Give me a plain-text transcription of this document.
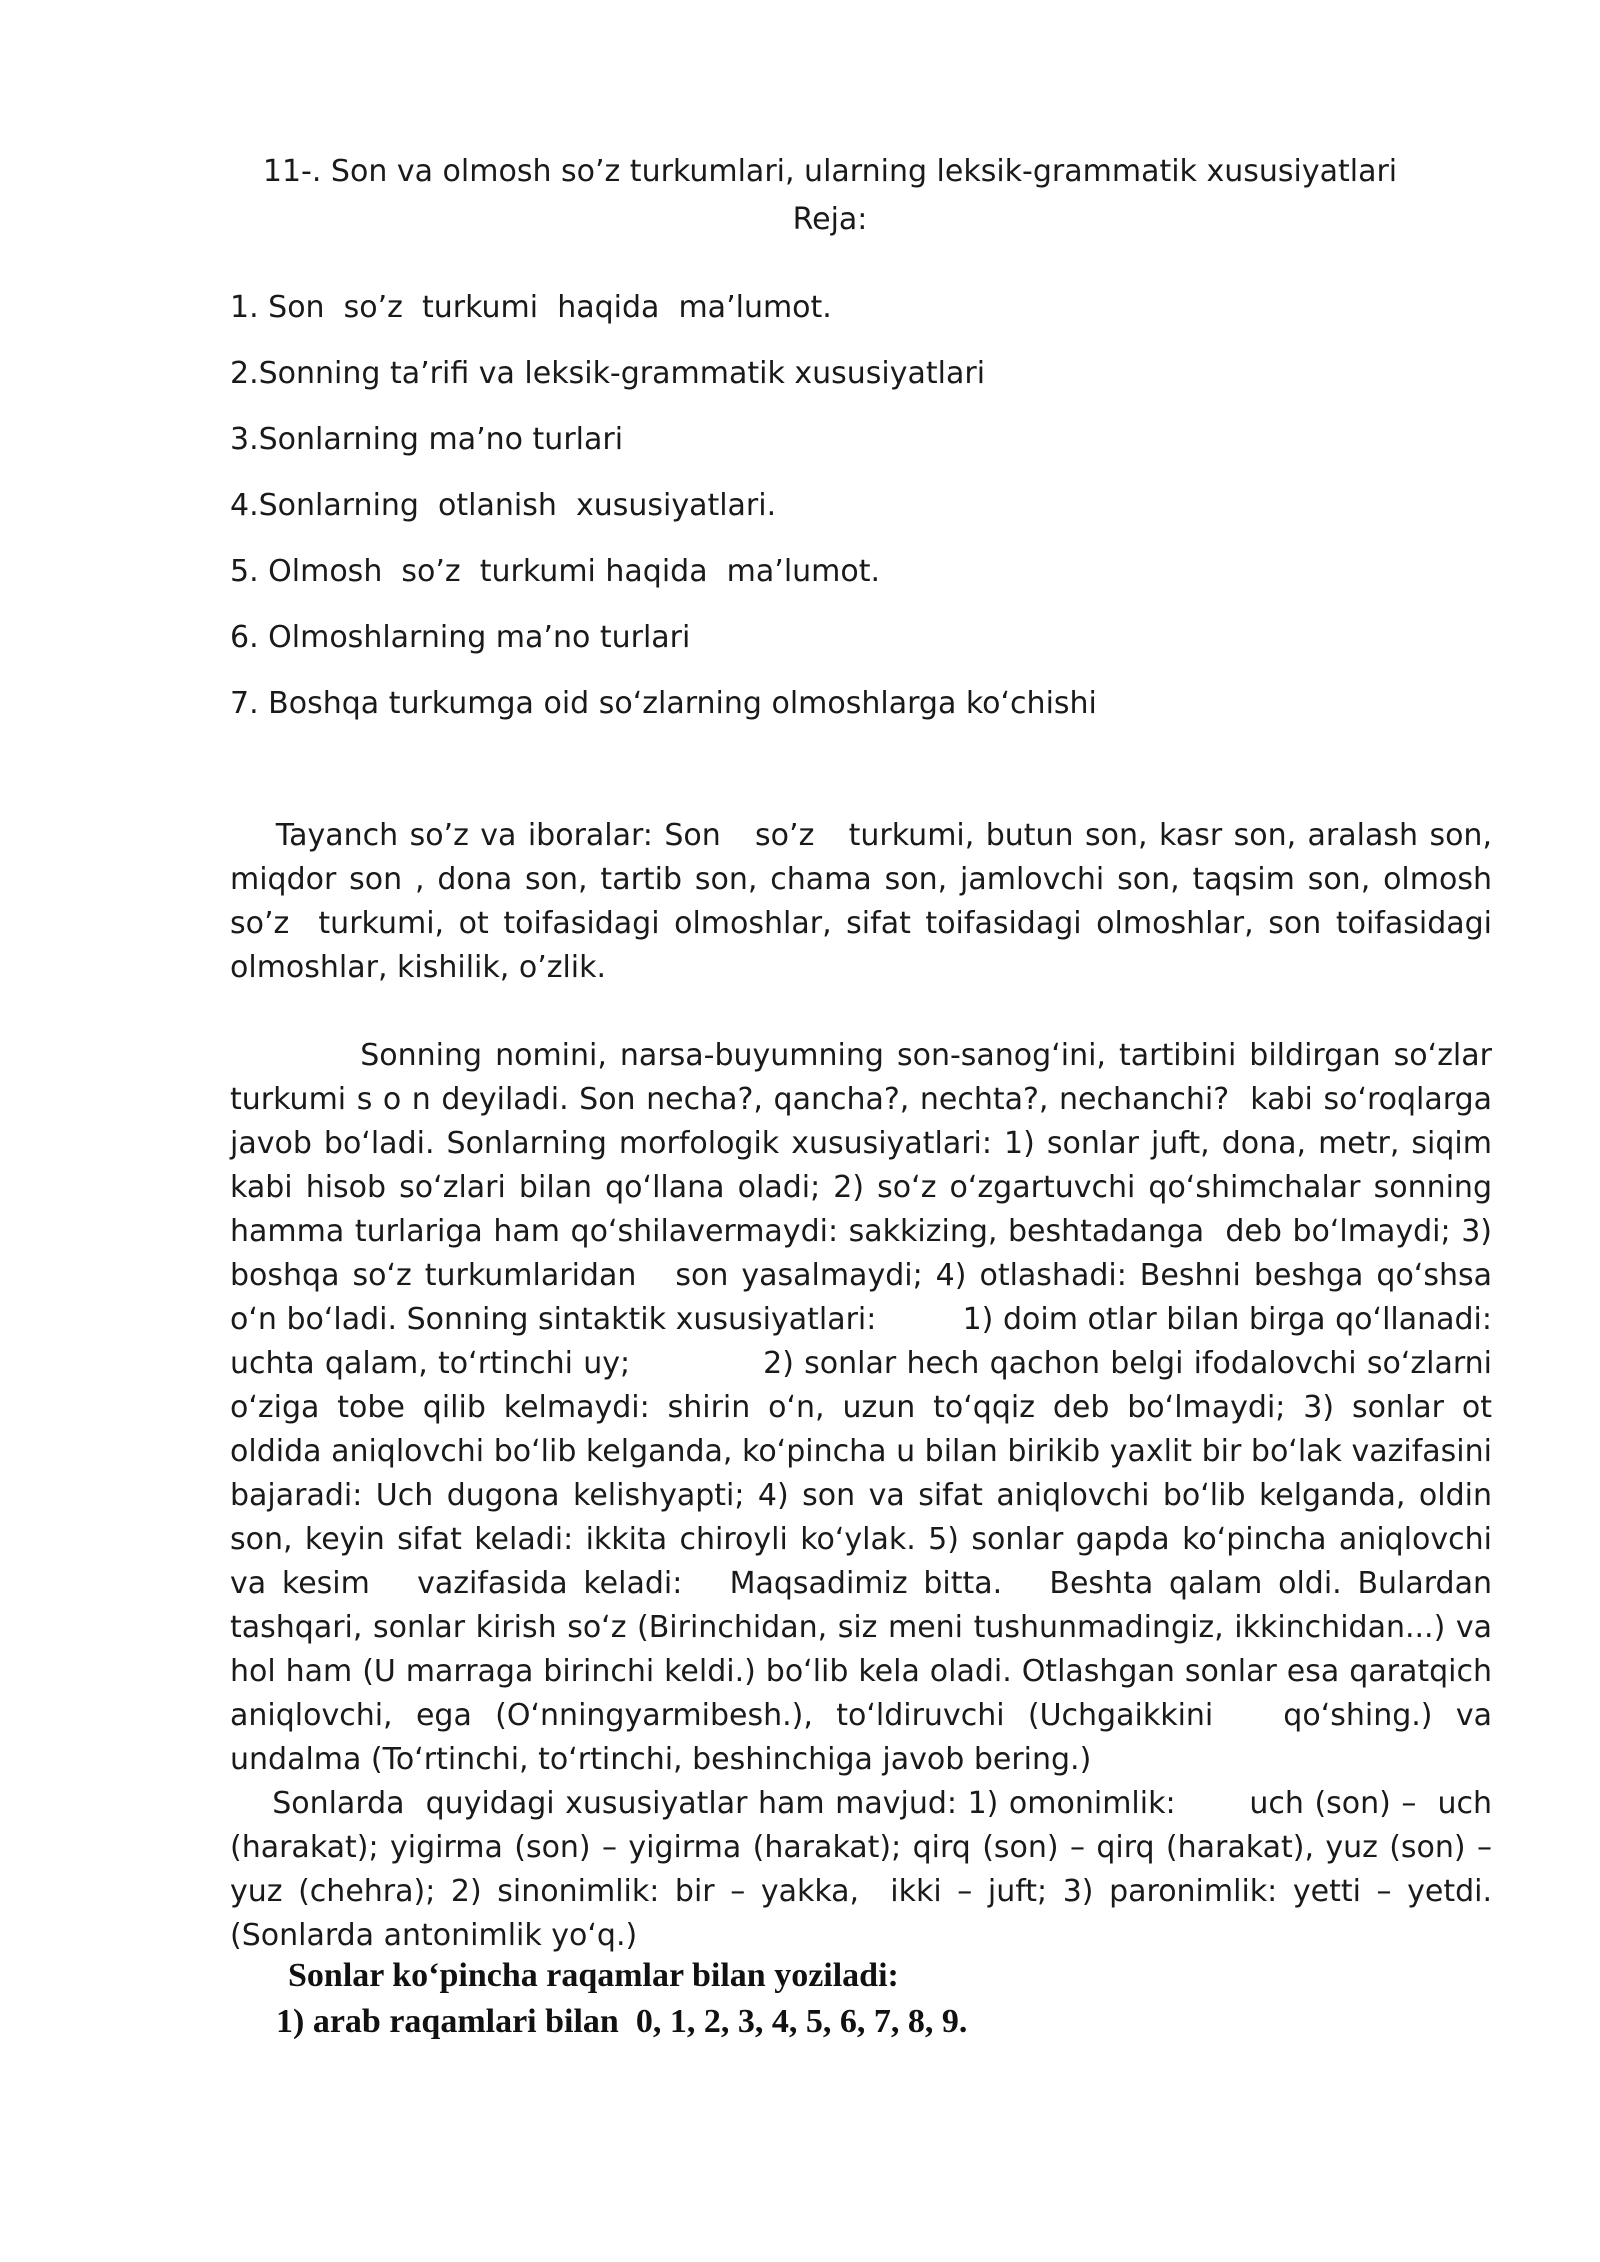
11-. Son va olmosh so’z turkumlari, ularning leksik-grammatik xususiyatlari
Reja:
1. Son  so’z  turkumi  haqida  ma’lumot.
2.Sonning ta’rifi va leksik-grammatik xususiyatlari
3.Sonlarning ma’no turlari
4.Sonlarning  otlanish  xususiyatlari.
5. Olmosh  so’z  turkumi haqida  ma’lumot.
6. Olmoshlarning ma’no turlari
7. Boshqa turkumga oid so‘zlarning olmoshlarga ko‘chishi
Tayanch so’z va iboralar: Son   so’z   turkumi, butun son, kasr son, aralash son, miqdor son , dona son, tartib son, chama son, jamlovchi son, taqsim son, olmosh so’z  turkumi, ot toifasidagi olmoshlar, sifat toifasidagi olmoshlar, son toifasidagi olmoshlar, kishilik, o’zlik.
Sonning nomini, narsa-buyumning son-sanog‘ini, tartibini bildirgan so‘zlar turkumi s o n deyiladi. Son necha?, qancha?, nechta?, nechanchi?  kabi so‘roqlarga javob bo‘ladi. Sonlarning morfologik xususiyatlari: 1) sonlar juft, dona, metr, siqim kabi hisob so‘zlari bilan qo‘llana oladi; 2) so‘z o‘zgartuvchi qo‘shimchalar sonning hamma turlariga ham qo‘shilavermaydi: sakkizing, beshtadanga  deb bo‘lmaydi; 3) boshqa so‘z turkumlaridan   son yasalmaydi; 4) otlashadi: Beshni beshga qo‘shsa o‘n bo‘ladi. Sonning sintaktik xususiyatlari:         1) doim otlar bilan birga qo‘llanadi: uchta qalam, to‘rtinchi uy;             2) sonlar hech qachon belgi ifodalovchi so‘zlarni o‘ziga tobe qilib kelmaydi: shirin o‘n, uzun to‘qqiz deb bo‘lmaydi; 3) sonlar ot oldida aniqlovchi bo‘lib kelganda, ko‘pincha u bilan birikib yaxlit bir bo‘lak vazifasini bajaradi: Uch dugona kelishyapti; 4) son va sifat aniqlovchi bo‘lib kelganda, oldin son, keyin sifat keladi: ikkita chiroyli ko‘ylak. 5) sonlar gapda ko‘pincha aniqlovchi va kesim   vazifasida keladi:   Maqsadimiz bitta.   Beshta qalam oldi. Bulardan tashqari, sonlar kirish so‘z (Birinchidan, siz meni tushunmadingiz, ikkinchidan...) va hol ham (U marraga birinchi keldi.) bo‘lib kela oladi. Otlashgan sonlar esa qaratqich aniqlovchi, ega (O‘nningyarmibesh.), to‘ldiruvchi (Uchgaikkini   qo‘shing.) va  undalma (To‘rtinchi, to‘rtinchi, beshinchiga javob bering.)
Sonlarda  quyidagi xususiyatlar ham mavjud: 1) omonimlik:       uch (son) –  uch (harakat); yigirma (son) – yigirma (harakat); qirq (son) – qirq (harakat), yuz (son) – yuz (chehra); 2) sinonimlik: bir – yakka,  ikki – juft; 3) paronimlik: yetti – yetdi. (Sonlarda antonimlik yo‘q.)
Sonlar ko‘pincha raqamlar bilan yoziladi:
1) arab raqamlari bilan  0, 1, 2, 3, 4, 5, 6, 7, 8, 9.
